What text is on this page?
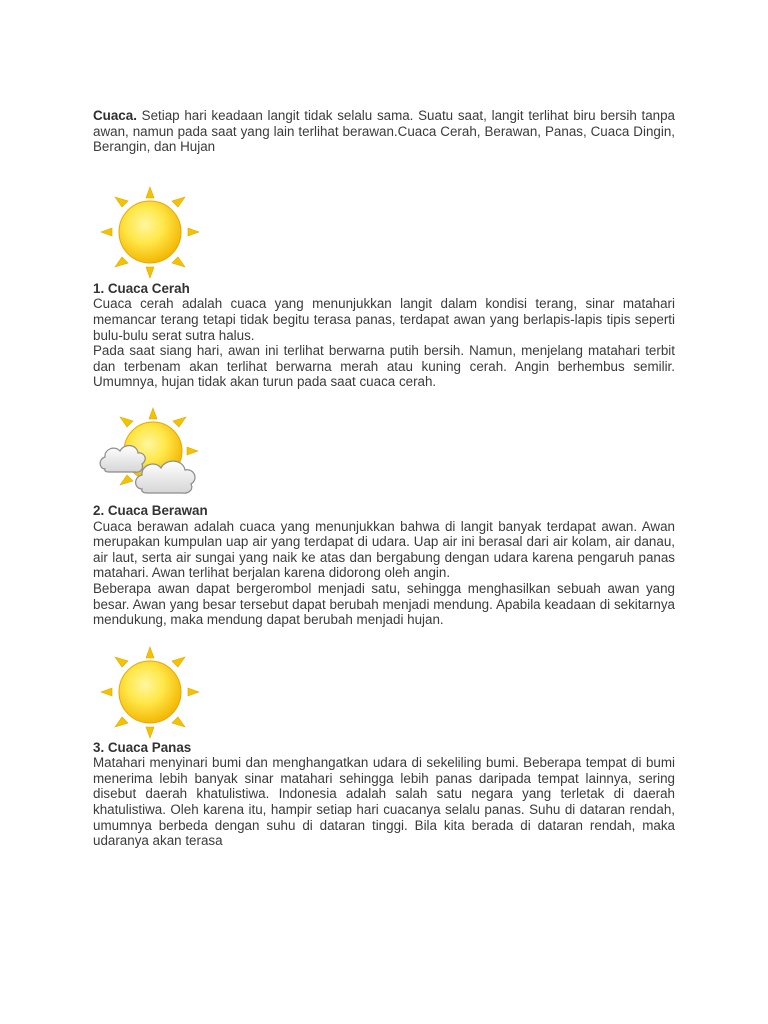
Cuaca. Setiap hari keadaan langit tidak selalu sama. Suatu saat, langit terlihat biru bersih tanpa awan, namun pada saat yang lain terlihat berawan.Cuaca Cerah, Berawan, Panas, Cuaca Dingin, Berangin, dan Hujan

1. Cuaca Cerah

Cuaca cerah adalah cuaca yang menunjukkan langit dalam kondisi terang, sinar matahari memancar terang tetapi tidak begitu terasa panas, terdapat awan yang berlapis-lapis tipis seperti bulu-bulu serat sutra halus.

Pada saat siang hari, awan ini terlihat berwarna putih bersih. Namun, menjelang matahari terbit dan terbenam akan terlihat berwarna merah atau kuning cerah. Angin berhembus semilir. Umumnya, hujan tidak akan turun pada saat cuaca cerah.

2. Cuaca Berawan

Cuaca berawan adalah cuaca yang menunjukkan bahwa di langit banyak terdapat awan. Awan merupakan kumpulan uap air yang terdapat di udara. Uap air ini berasal dari air kolam, air danau, air laut, serta air sungai yang naik ke atas dan bergabung dengan udara karena pengaruh panas matahari. Awan terlihat berjalan karena didorong oleh angin.

Beberapa awan dapat bergerombol menjadi satu, sehingga menghasilkan sebuah awan yang besar. Awan yang besar tersebut dapat berubah menjadi mendung. Apabila keadaan di sekitarnya mendukung, maka mendung dapat berubah menjadi hujan.

3. Cuaca Panas

Matahari menyinari bumi dan menghangatkan udara di sekeliling bumi. Beberapa tempat di bumi menerima lebih banyak sinar matahari sehingga lebih panas daripada tempat lainnya, sering disebut daerah khatulistiwa. Indonesia adalah salah satu negara yang terletak di daerah khatulistiwa. Oleh karena itu, hampir setiap hari cuacanya selalu panas. Suhu di dataran rendah, umumnya berbeda dengan suhu di dataran tinggi. Bila kita berada di dataran rendah, maka udaranya akan terasa
